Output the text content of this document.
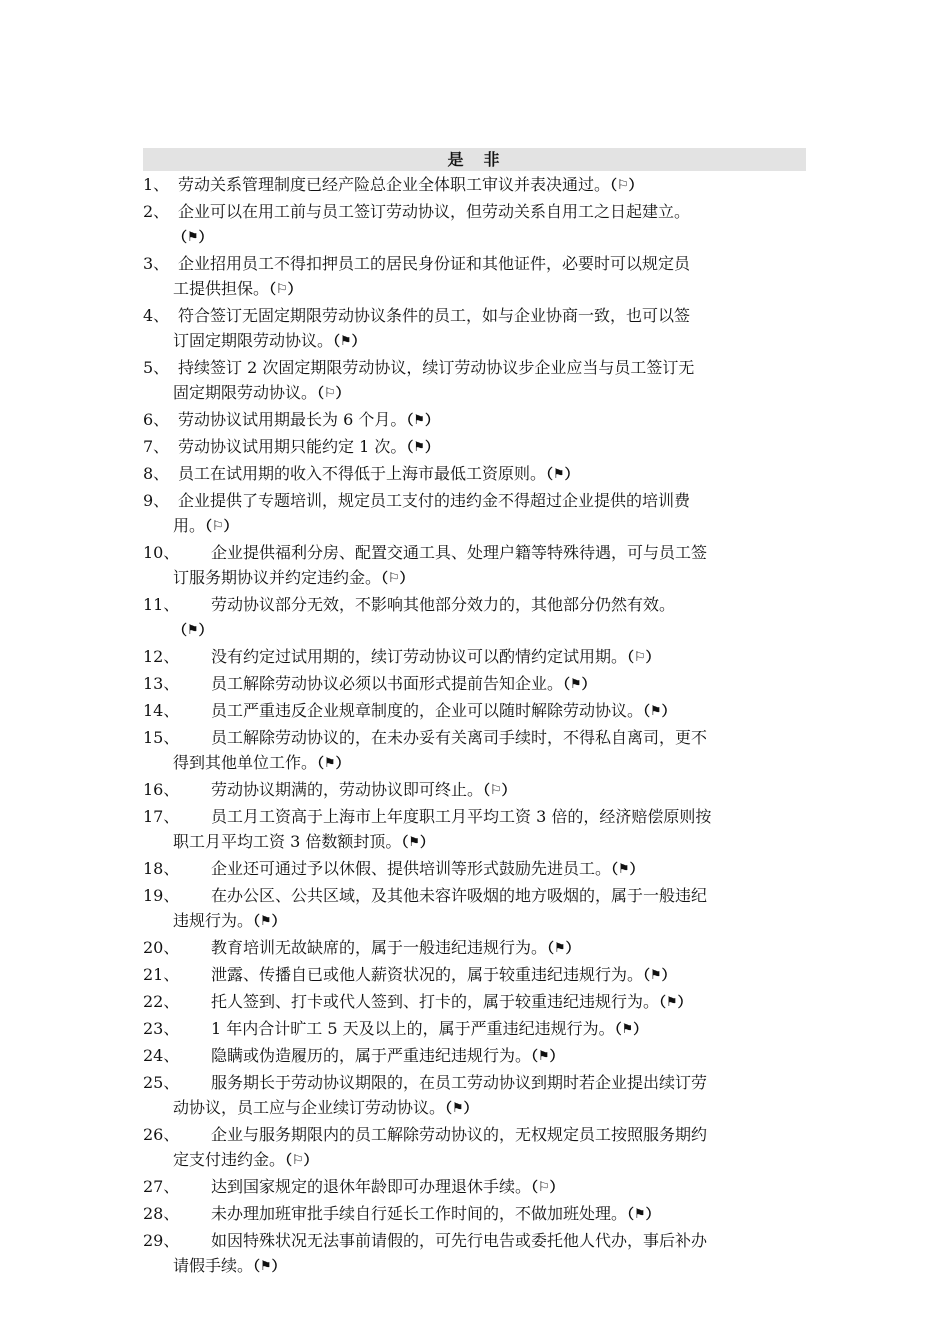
是 非
1、 劳动关系管理制度已经产险总企业全体职工审议并表决通过。（⚐）
2、 企业可以在用工前与员工签订劳动协议，但劳动关系自用工之日起建立。
（⚑）
3、 企业招用员工不得扣押员工的居民身份证和其他证件，必要时可以规定员
工提供担保。（⚐）
4、 符合签订无固定期限劳动协议条件的员工，如与企业协商一致，也可以签
订固定期限劳动协议。（⚑）
5、 持续签订 2 次固定期限劳动协议，续订劳动协议步企业应当与员工签订无
固定期限劳动协议。（⚐）
6、 劳动协议试用期最长为 6 个月。（⚑）
7、 劳动协议试用期只能约定 1 次。（⚑）
8、 员工在试用期的收入不得低于上海市最低工资原则。（⚑）
9、 企业提供了专题培训，规定员工支付的违约金不得超过企业提供的培训费
用。（⚐）
10、	企业提供福利分房、配置交通工具、处理户籍等特殊待遇，可与员工签
订服务期协议并约定违约金。（⚐）
11、	劳动协议部分无效，不影响其他部分效力的，其他部分仍然有效。
（⚑）
12、	没有约定过试用期的，续订劳动协议可以酌情约定试用期。（⚐）
13、	员工解除劳动协议必须以书面形式提前告知企业。（⚑）
14、	员工严重违反企业规章制度的，企业可以随时解除劳动协议。（⚑）
15、	员工解除劳动协议的，在未办妥有关离司手续时，不得私自离司，更不
得到其他单位工作。（⚑）
16、	劳动协议期满的，劳动协议即可终止。（⚐）
17、	员工月工资高于上海市上年度职工月平均工资 3 倍的，经济赔偿原则按
职工月平均工资 3 倍数额封顶。（⚑）
18、	企业还可通过予以休假、提供培训等形式鼓励先进员工。（⚑）
19、	在办公区、公共区域，及其他未容许吸烟的地方吸烟的，属于一般违纪
违规行为。（⚑）
20、	教育培训无故缺席的，属于一般违纪违规行为。（⚑）
21、	泄露、传播自已或他人薪资状况的，属于较重违纪违规行为。（⚑）
22、	托人签到、打卡或代人签到、打卡的，属于较重违纪违规行为。（⚑）
23、	1 年内合计旷工 5 天及以上的，属于严重违纪违规行为。（⚑）
24、	隐瞒或伪造履历的，属于严重违纪违规行为。（⚑）
25、	服务期长于劳动协议期限的，在员工劳动协议到期时若企业提出续订劳
动协议，员工应与企业续订劳动协议。（⚑）
26、	企业与服务期限内的员工解除劳动协议的，无权规定员工按照服务期约
定支付违约金。（⚐）
27、	达到国家规定的退休年龄即可办理退休手续。（⚐）
28、	未办理加班审批手续自行延长工作时间的，不做加班处理。（⚑）
29、	如因特殊状况无法事前请假的，可先行电告或委托他人代办，事后补办
请假手续。（⚑）
